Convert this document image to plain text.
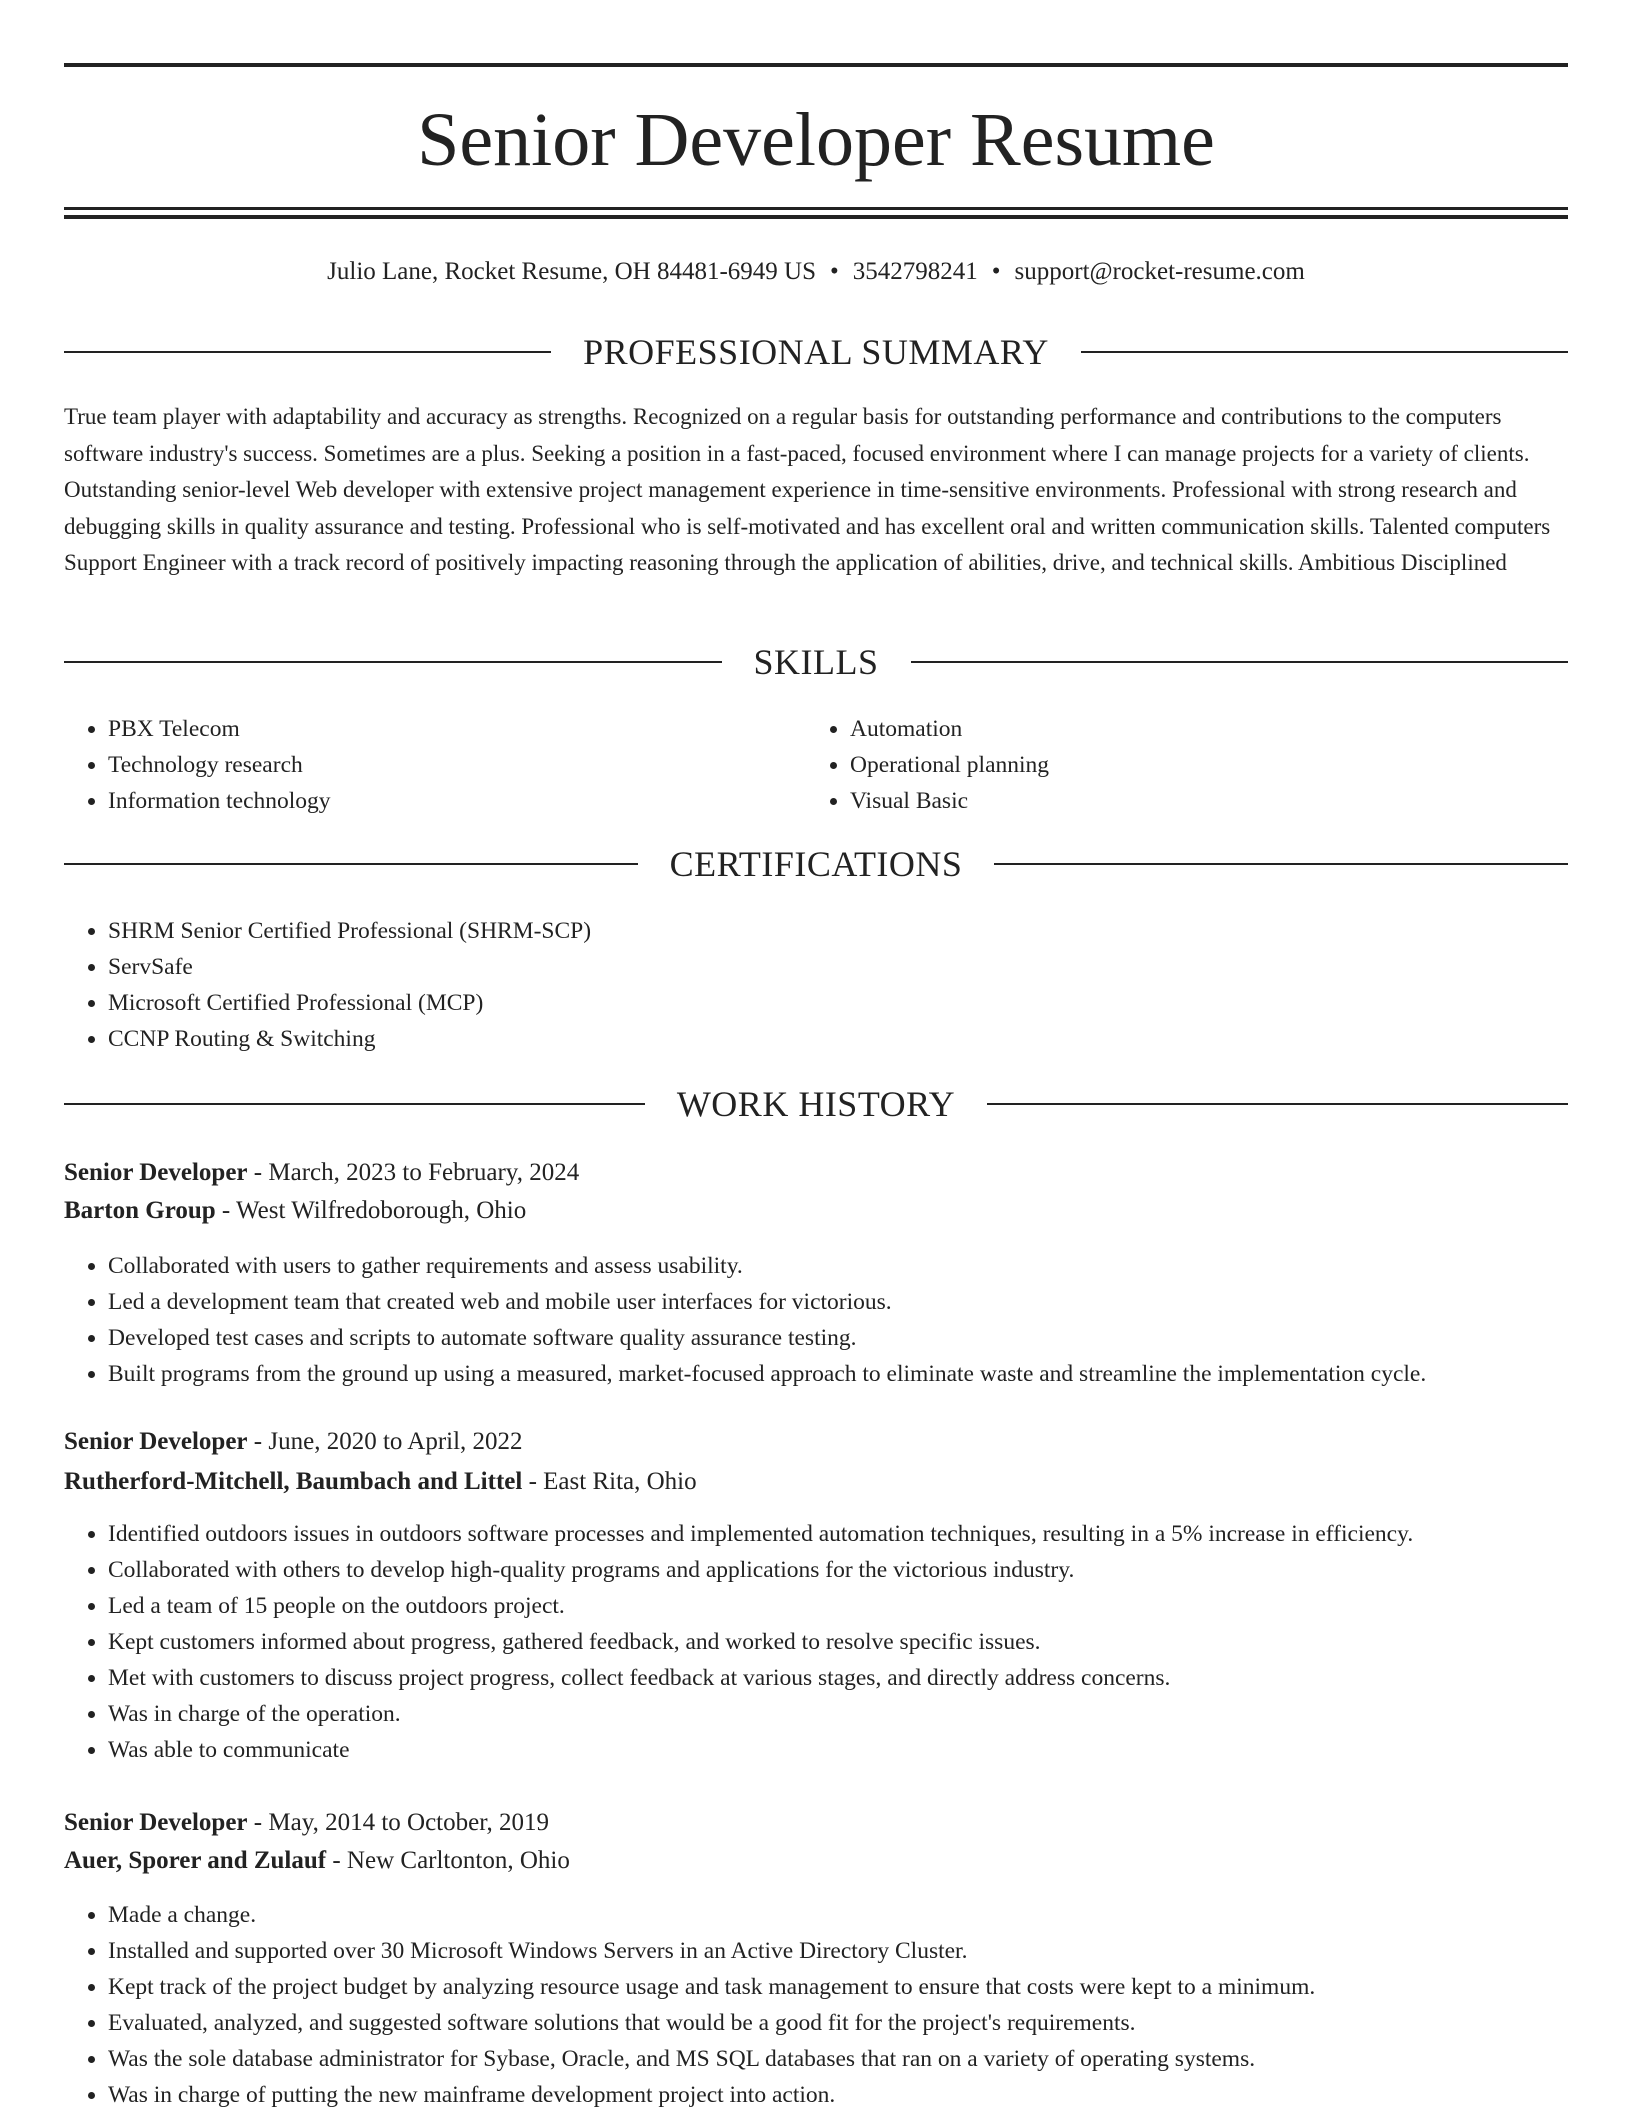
Senior Developer Resume
Julio Lane, Rocket Resume, OH 84481-6949 US • 3542798241 • support@rocket-resume.com
PROFESSIONAL SUMMARY

True team player with adaptability and accuracy as strengths. Recognized on a regular basis for outstanding performance and contributions to the computers software industry's success. Sometimes are a plus. Seeking a position in a fast-paced, focused environment where I can manage projects for a variety of clients. Outstanding senior-level Web developer with extensive project management experience in time-sensitive environments. Professional with strong research and debugging skills in quality assurance and testing. Professional who is self-motivated and has excellent oral and written communication skills. Talented computers Support Engineer with a track record of positively impacting reasoning through the application of abilities, drive, and technical skills. Ambitious Disciplined

SKILLS
• PBX Telecom
• Technology research
• Information technology
• Automation
• Operational planning
• Visual Basic
CERTIFICATIONS
• SHRM Senior Certified Professional (SHRM-SCP)
• ServSafe
• Microsoft Certified Professional (MCP)
• CCNP Routing & Switching
WORK HISTORY
Senior Developer - March, 2023 to February, 2024
Barton Group - West Wilfredoborough, Ohio
• Collaborated with users to gather requirements and assess usability.
• Led a development team that created web and mobile user interfaces for victorious.
• Developed test cases and scripts to automate software quality assurance testing.
• Built programs from the ground up using a measured, market-focused approach to eliminate waste and streamline the implementation cycle.
Senior Developer - June, 2020 to April, 2022
Rutherford-Mitchell, Baumbach and Littel - East Rita, Ohio
• Identified outdoors issues in outdoors software processes and implemented automation techniques, resulting in a 5% increase in efficiency.
• Collaborated with others to develop high-quality programs and applications for the victorious industry.
• Led a team of 15 people on the outdoors project.
• Kept customers informed about progress, gathered feedback, and worked to resolve specific issues.
• Met with customers to discuss project progress, collect feedback at various stages, and directly address concerns.
• Was in charge of the operation.
• Was able to communicate
Senior Developer - May, 2014 to October, 2019
Auer, Sporer and Zulauf - New Carltonton, Ohio
• Made a change.
• Installed and supported over 30 Microsoft Windows Servers in an Active Directory Cluster.
• Kept track of the project budget by analyzing resource usage and task management to ensure that costs were kept to a minimum.
• Evaluated, analyzed, and suggested software solutions that would be a good fit for the project's requirements.
• Was the sole database administrator for Sybase, Oracle, and MS SQL databases that ran on a variety of operating systems.
• Was in charge of putting the new mainframe development project into action.
